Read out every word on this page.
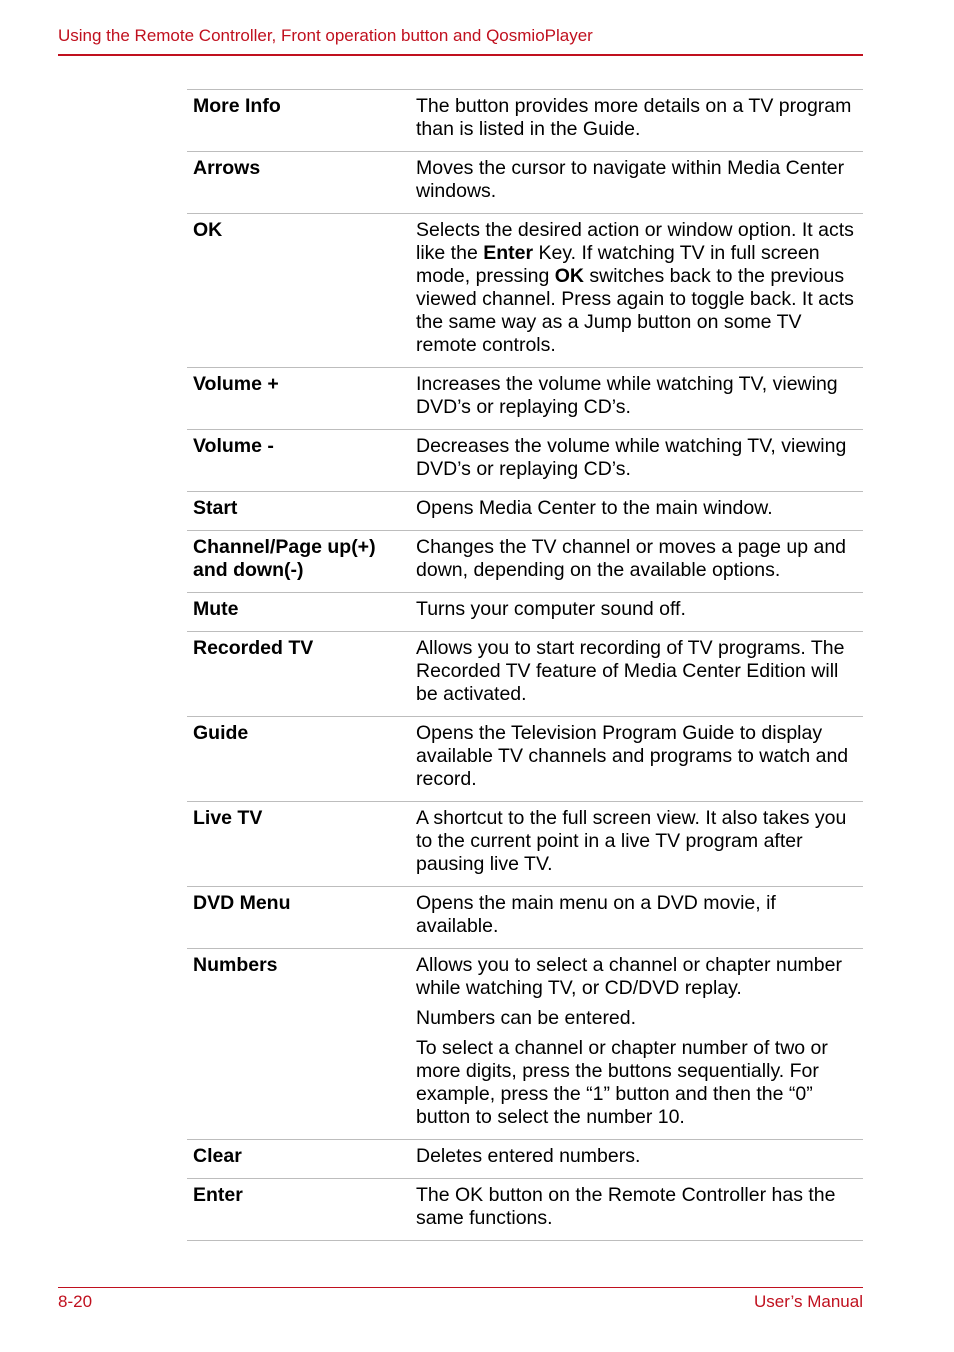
Using the Remote Controller, Front operation button and QosmioPlayer
More Info	The button provides more details on a TV program than is listed in the Guide.

Arrows	Moves the cursor to navigate within Media Center windows.

OK	Selects the desired action or window option. It acts like the Enter Key. If watching TV in full screen mode, pressing OK switches back to the previous viewed channel. Press again to toggle back. It acts the same way as a Jump button on some TV remote controls.

Volume +	Increases the volume while watching TV, viewing DVD’s or replaying CD’s.

Volume -	Decreases the volume while watching TV, viewing DVD’s or replaying CD’s.

Start	Opens Media Center to the main window.

Channel/Page up(+) and down(-)	Changes the TV channel or moves a page up and down, depending on the available options.

Mute	Turns your computer sound off.

Recorded TV	Allows you to start recording of TV programs. The Recorded TV feature of Media Center Edition will be activated.

Guide	Opens the Television Program Guide to display available TV channels and programs to watch and record.

Live TV	A shortcut to the full screen view. It also takes you to the current point in a live TV program after pausing live TV.

DVD Menu	Opens the main menu on a DVD movie, if available.

Numbers	Allows you to select a channel or chapter number while watching TV, or CD/DVD replay.

Numbers can be entered.

To select a channel or chapter number of two or more digits, press the buttons sequentially. For example, press the “1” button and then the “0” button to select the number 10.

Clear	Deletes entered numbers.

Enter	The OK button on the Remote Controller has the same functions.

8-20	User’s Manual
